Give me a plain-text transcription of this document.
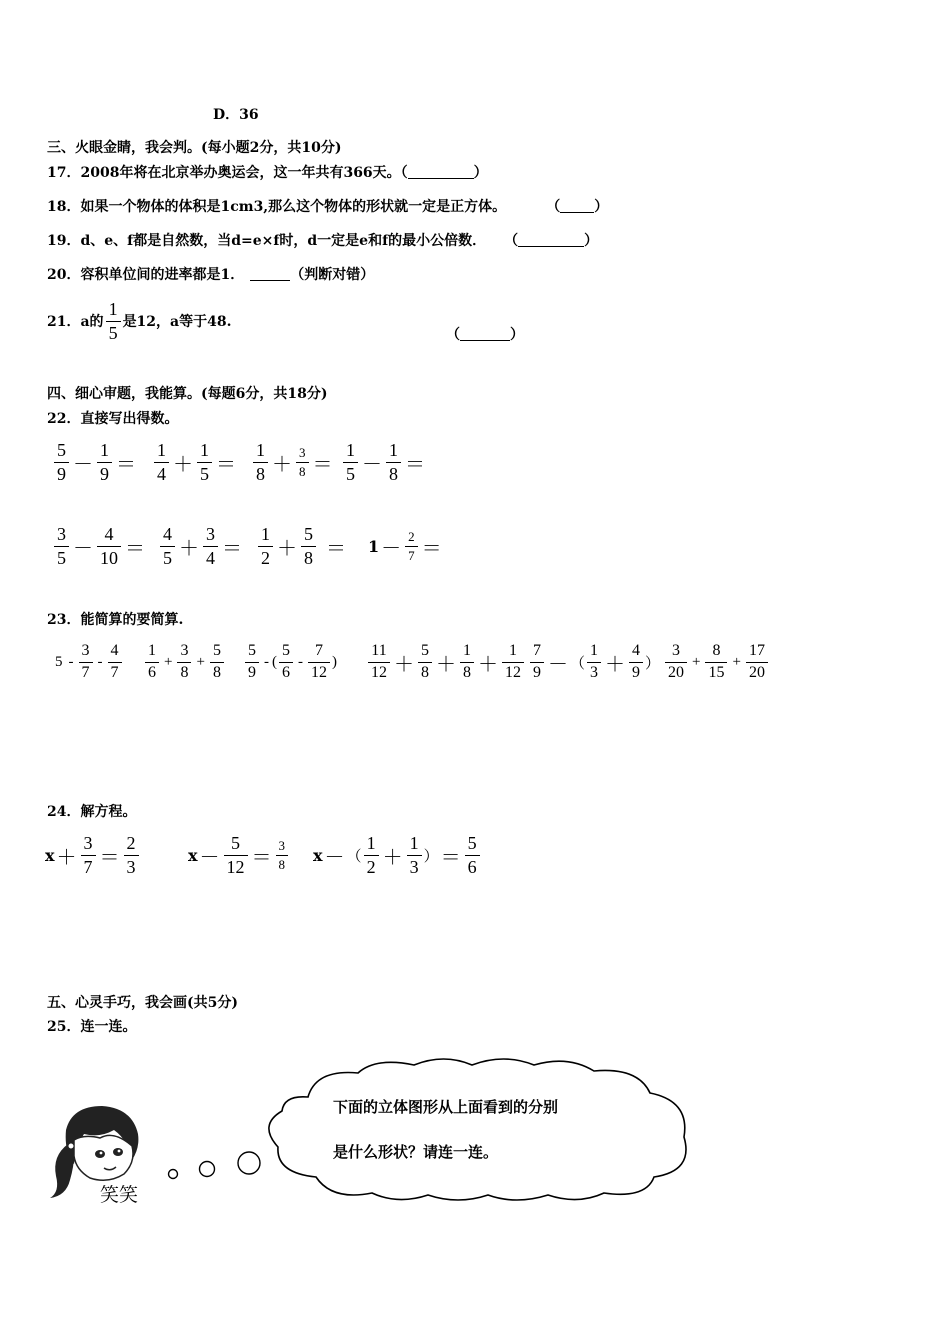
D．36
三、火眼金睛，我会判。(每小题2分，共10分)
17． 2008年将在北京举办奥运会，这一年共有366天。（	）
18． 如果一个物体的体积是1cm3,那么这个物体的形状就一定是正方体。	（ ）
19． d、e、f都是自然数，当d=e×f时，d一定是e和f的最小公倍数． （	）
20． 容积单位间的进率都是1．	（判断对错）
21． a的 $\frac{1}{5}$ 是12，a等于48.
（	）
四、细心审题，我能算。(每题6分，共18分)
22． 直接写出得数。
$\frac{5}{9} - \frac{1}{9} = \frac{1}{4} + \frac{1}{5} = \frac{1}{8} + \frac{3}{8} = \frac{1}{5} - \frac{1}{8}$ ＝
$\frac{3}{5} - \frac{4}{10} = \frac{4}{5} + \frac{3}{4} = \frac{1}{2} + \frac{5}{8} = 1 - \frac{2}{7}$ ＝
23． 能简算的要简算.
$5 - \frac{3}{7} - \frac{4}{7} \frac{1}{6} + \frac{3}{8} + \frac{5}{8} \frac{5}{9}$ - ( $\frac{5}{6} - \frac{7}{12}$ ) $\frac{11}{12} + \frac{5}{8} + \frac{1}{8} + \frac{1}{12} \frac{7}{9}$ － （ $\frac{1}{3} + \frac{4}{9}$ ） $\frac{3}{20} + \frac{8}{15} + \frac{17}{20}$
24． 解方程。
$x + \frac{3}{7} = \frac{2}{3}$	$x - \frac{5}{12} = \frac{3}{8}$ x － （ $\frac{1}{2} + \frac{1}{3}$ ） ＝ $\frac{5}{6}$
五、心灵手巧，我会画(共5分)
25． 连一连。
笑笑
下面的立体图形从上面看到的分别
是什么形状？请连一连。
